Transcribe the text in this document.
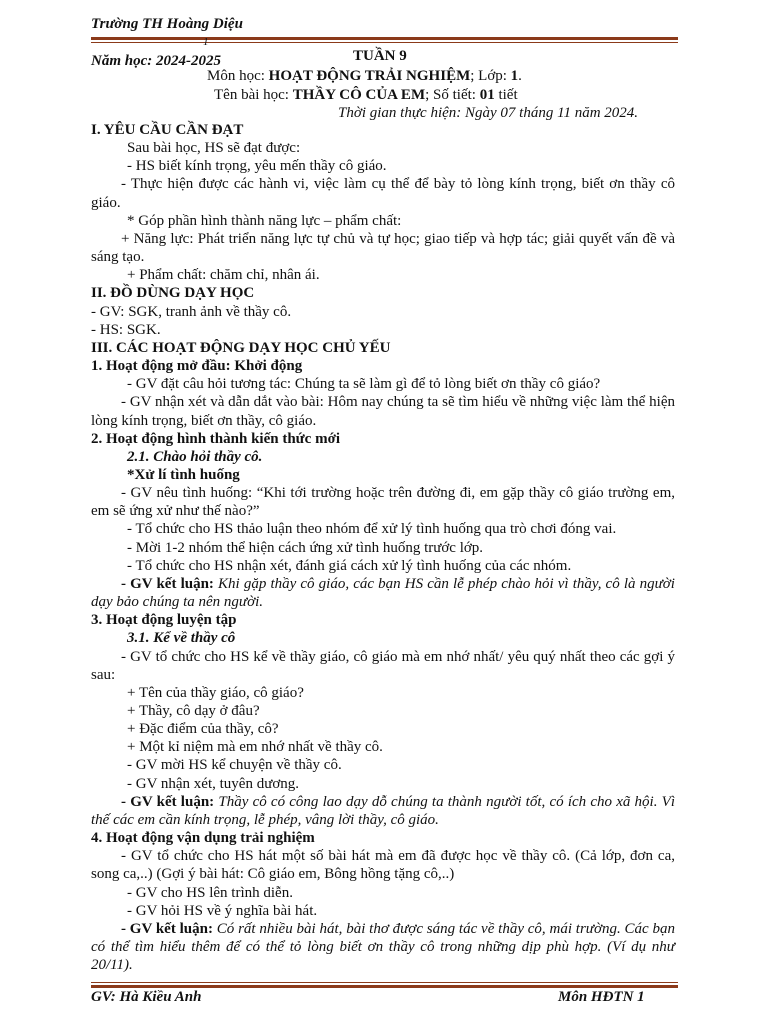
Trường TH Hoàng Diệu
1
Năm học: 2024-2025	TUẦN 9
Môn học: HOẠT ĐỘNG TRẢI NGHIỆM; Lớp: 1.
Tên bài học: THẦY CÔ CỦA EM; Số tiết: 01 tiết
Thời gian thực hiện: Ngày 07 tháng 11 năm 2024.

I. YÊU CẦU CẦN ĐẠT

Sau bài học, HS sẽ đạt được:

- HS biết kính trọng, yêu mến thầy cô giáo.

- Thực hiện được các hành vi, việc làm cụ thể để bày tỏ lòng kính trọng, biết ơn thầy cô giáo.

* Góp phần hình thành năng lực – phẩm chất:

+ Năng lực: Phát triển năng lực tự chủ và tự học; giao tiếp và hợp tác; giải quyết vấn đề và sáng tạo.

+ Phẩm chất: chăm chỉ, nhân ái.

II. ĐỒ DÙNG DẠY HỌC

- GV: SGK, tranh ảnh về thầy cô.

- HS: SGK.

III. CÁC HOẠT ĐỘNG DẠY HỌC CHỦ YẾU

1. Hoạt động mở đầu: Khởi động

- GV đặt câu hỏi tương tác: Chúng ta sẽ làm gì để tỏ lòng biết ơn thầy cô giáo?

- GV nhận xét và dẫn dắt vào bài: Hôm nay chúng ta sẽ tìm hiểu về những việc làm thể hiện lòng kính trọng, biết ơn thầy, cô giáo.

2. Hoạt động hình thành kiến thức mới

2.1. Chào hỏi thầy cô.

*Xử lí tình huống

- GV nêu tình huống: “Khi tới trường hoặc trên đường đi, em gặp thầy cô giáo trường em, em sẽ ứng xử như thế nào?”

- Tổ chức cho HS thảo luận theo nhóm để xử lý tình huống qua trò chơi đóng vai.

- Mời 1-2 nhóm thể hiện cách ứng xử tình huống trước lớp.

- Tổ chức cho HS nhận xét, đánh giá cách xử lý tình huống của các nhóm.

- GV kết luận: Khi gặp thầy cô giáo, các bạn HS cần lễ phép chào hỏi vì thầy, cô là người dạy bảo chúng ta nên người.

3. Hoạt động luyện tập

3.1. Kể về thầy cô

- GV tổ chức cho HS kể về thầy giáo, cô giáo mà em nhớ nhất/ yêu quý nhất theo các gợi ý sau:

+ Tên của thầy giáo, cô giáo?

+ Thầy, cô dạy ở đâu?

+ Đặc điểm của thầy, cô?

+ Một kỉ niệm mà em nhớ nhất về thầy cô.

- GV mời HS kể chuyện về thầy cô.

- GV nhận xét, tuyên dương.

- GV kết luận: Thầy cô có công lao dạy dỗ chúng ta thành người tốt, có ích cho xã hội. Vì thế các em cần kính trọng, lễ phép, vâng lời thầy, cô giáo.

4. Hoạt động vận dụng trải nghiệm

- GV tổ chức cho HS hát một số bài hát mà em đã được học về thầy cô. (Cả lớp, đơn ca, song ca,..) (Gợi ý bài hát: Cô giáo em, Bông hồng tặng cô,..)

- GV cho HS lên trình diễn.

- GV hỏi HS về ý nghĩa bài hát.

- GV kết luận: Có rất nhiều bài hát, bài thơ được sáng tác về thầy cô, mái trường. Các bạn có thể tìm hiểu thêm để có thể tỏ lòng biết ơn thầy cô trong những dịp phù hợp. (Ví dụ như 20/11).

GV: Hà Kiều Anh	Môn HĐTN 1
